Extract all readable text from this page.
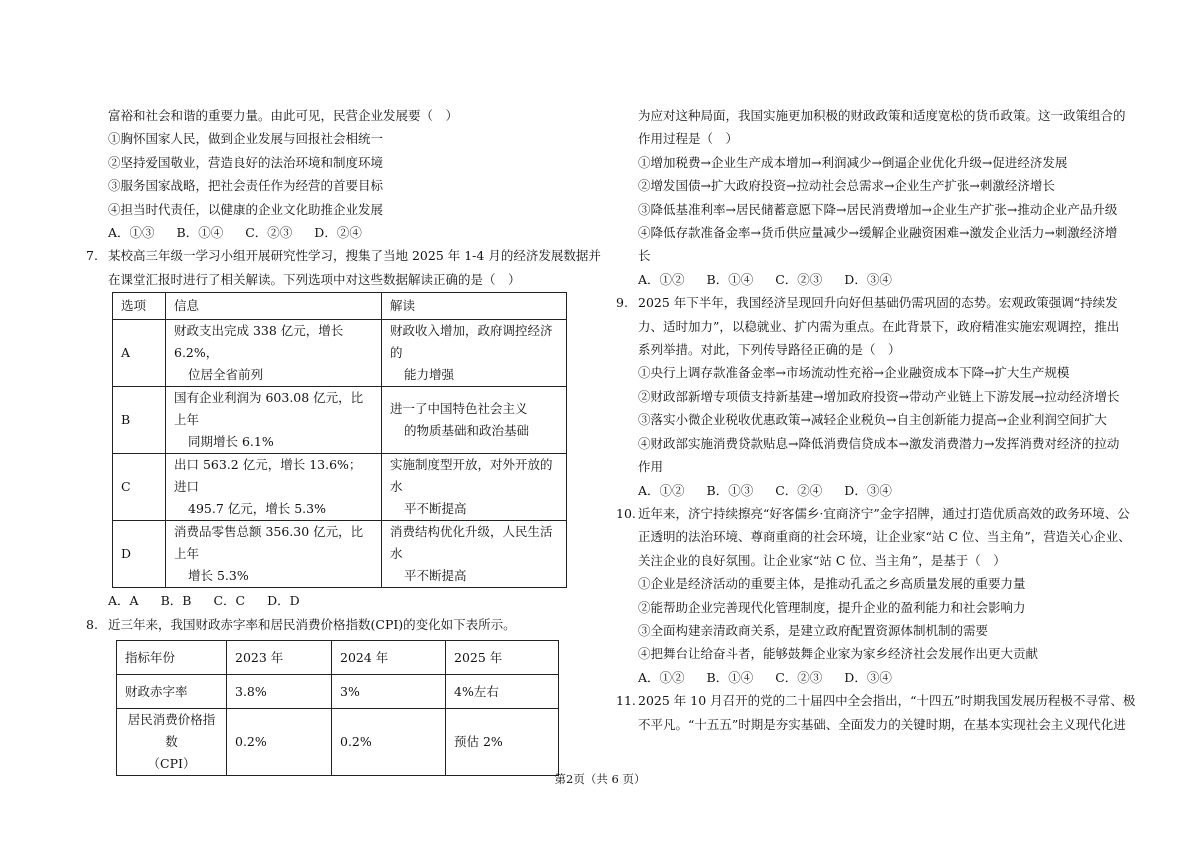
富裕和社会和谐的重要力量。由此可见，民营企业发展要（　）
①胸怀国家人民，做到企业发展与回报社会相统一
②坚持爱国敬业，营造良好的法治环境和制度环境
③服务国家战略，把社会责任作为经营的首要目标
④担当时代责任，以健康的企业文化助推企业发展
A．①③ B．①④ C．②③ D．②④
7. 某校高三年级一学习小组开展研究性学习，搜集了当地 2025 年 1-4 月的经济发展数据并
在课堂汇报时进行了相关解读。下列选项中对这些数据解读正确的是（　）
选项	信息	解读
A	财政支出完成 338 亿元，增长 6.2%，
位居全省前列	财政收入增加，政府调控经济的
能力增强

B	国有企业利润为 603.08 亿元，比上年
同期增长 6.1%	进一了中国特色社会主义
的物质基础和政治基础

C	出口 563.2 亿元，增长 13.6%；进口
495.7 亿元，增长 5.3%	实施制度型开放，对外开放的水
平不断提高

D	消费品零售总额 356.30 亿元，比上年
增长 5.3%	消费结构优化升级，人民生活水
平不断提高
A．A B．B C．C D．D
8. 近三年来，我国财政赤字率和居民消费价格指数(CPI)的变化如下表所示。
指标年份	2023 年	2024 年	2025 年
财政赤字率	3.8%	3%	4%左右
居民消费价格指数
（CPI）	0.2%	0.2%	预估 2%
为应对这种局面，我国实施更加积极的财政政策和适度宽松的货币政策。这一政策组合的
作用过程是（　）
①增加税费→企业生产成本增加→利润减少→倒逼企业优化升级→促进经济发展
②增发国债→扩大政府投资→拉动社会总需求→企业生产扩张→刺激经济增长
③降低基准利率→居民储蓄意愿下降→居民消费增加→企业生产扩张→推动企业产品升级
④降低存款准备金率→货币供应量减少→缓解企业融资困难→激发企业活力→刺激经济增
长
A．①② B．①④ C．②③ D．③④
9. 2025 年下半年，我国经济呈现回升向好但基础仍需巩固的态势。宏观政策强调“持续发
力、适时加力”，以稳就业、扩内需为重点。在此背景下，政府精准实施宏观调控，推出
系列举措。对此，下列传导路径正确的是（　）
①央行上调存款准备金率→市场流动性充裕→企业融资成本下降→扩大生产规模
②财政部新增专项债支持新基建→增加政府投资→带动产业链上下游发展→拉动经济增长
③落实小微企业税收优惠政策→减轻企业税负→自主创新能力提高→企业利润空间扩大
④财政部实施消费贷款贴息→降低消费信贷成本→激发消费潜力→发挥消费对经济的拉动
作用
A．①② B．①③ C．②④ D．③④
10. 近年来，济宁持续擦亮“好客儒乡·宜商济宁”金字招牌，通过打造优质高效的政务环境、公
正透明的法治环境、尊商重商的社会环境，让企业家“站 C 位、当主角”，营造关心企业、
关注企业的良好氛围。让企业家“站 C 位、当主角”，是基于（　）
①企业是经济活动的重要主体，是推动孔孟之乡高质量发展的重要力量
②能帮助企业完善现代化管理制度，提升企业的盈利能力和社会影响力
③全面构建亲清政商关系，是建立政府配置资源体制机制的需要
④把舞台让给奋斗者，能够鼓舞企业家为家乡经济社会发展作出更大贡献
A．①② B．①④ C．②③ D．③④
11. 2025 年 10 月召开的党的二十届四中全会指出，“十四五”时期我国发展历程极不寻常、极
不平凡。“十五五”时期是夯实基础、全面发力的关键时期，在基本实现社会主义现代化进
第2页（共 6 页）
